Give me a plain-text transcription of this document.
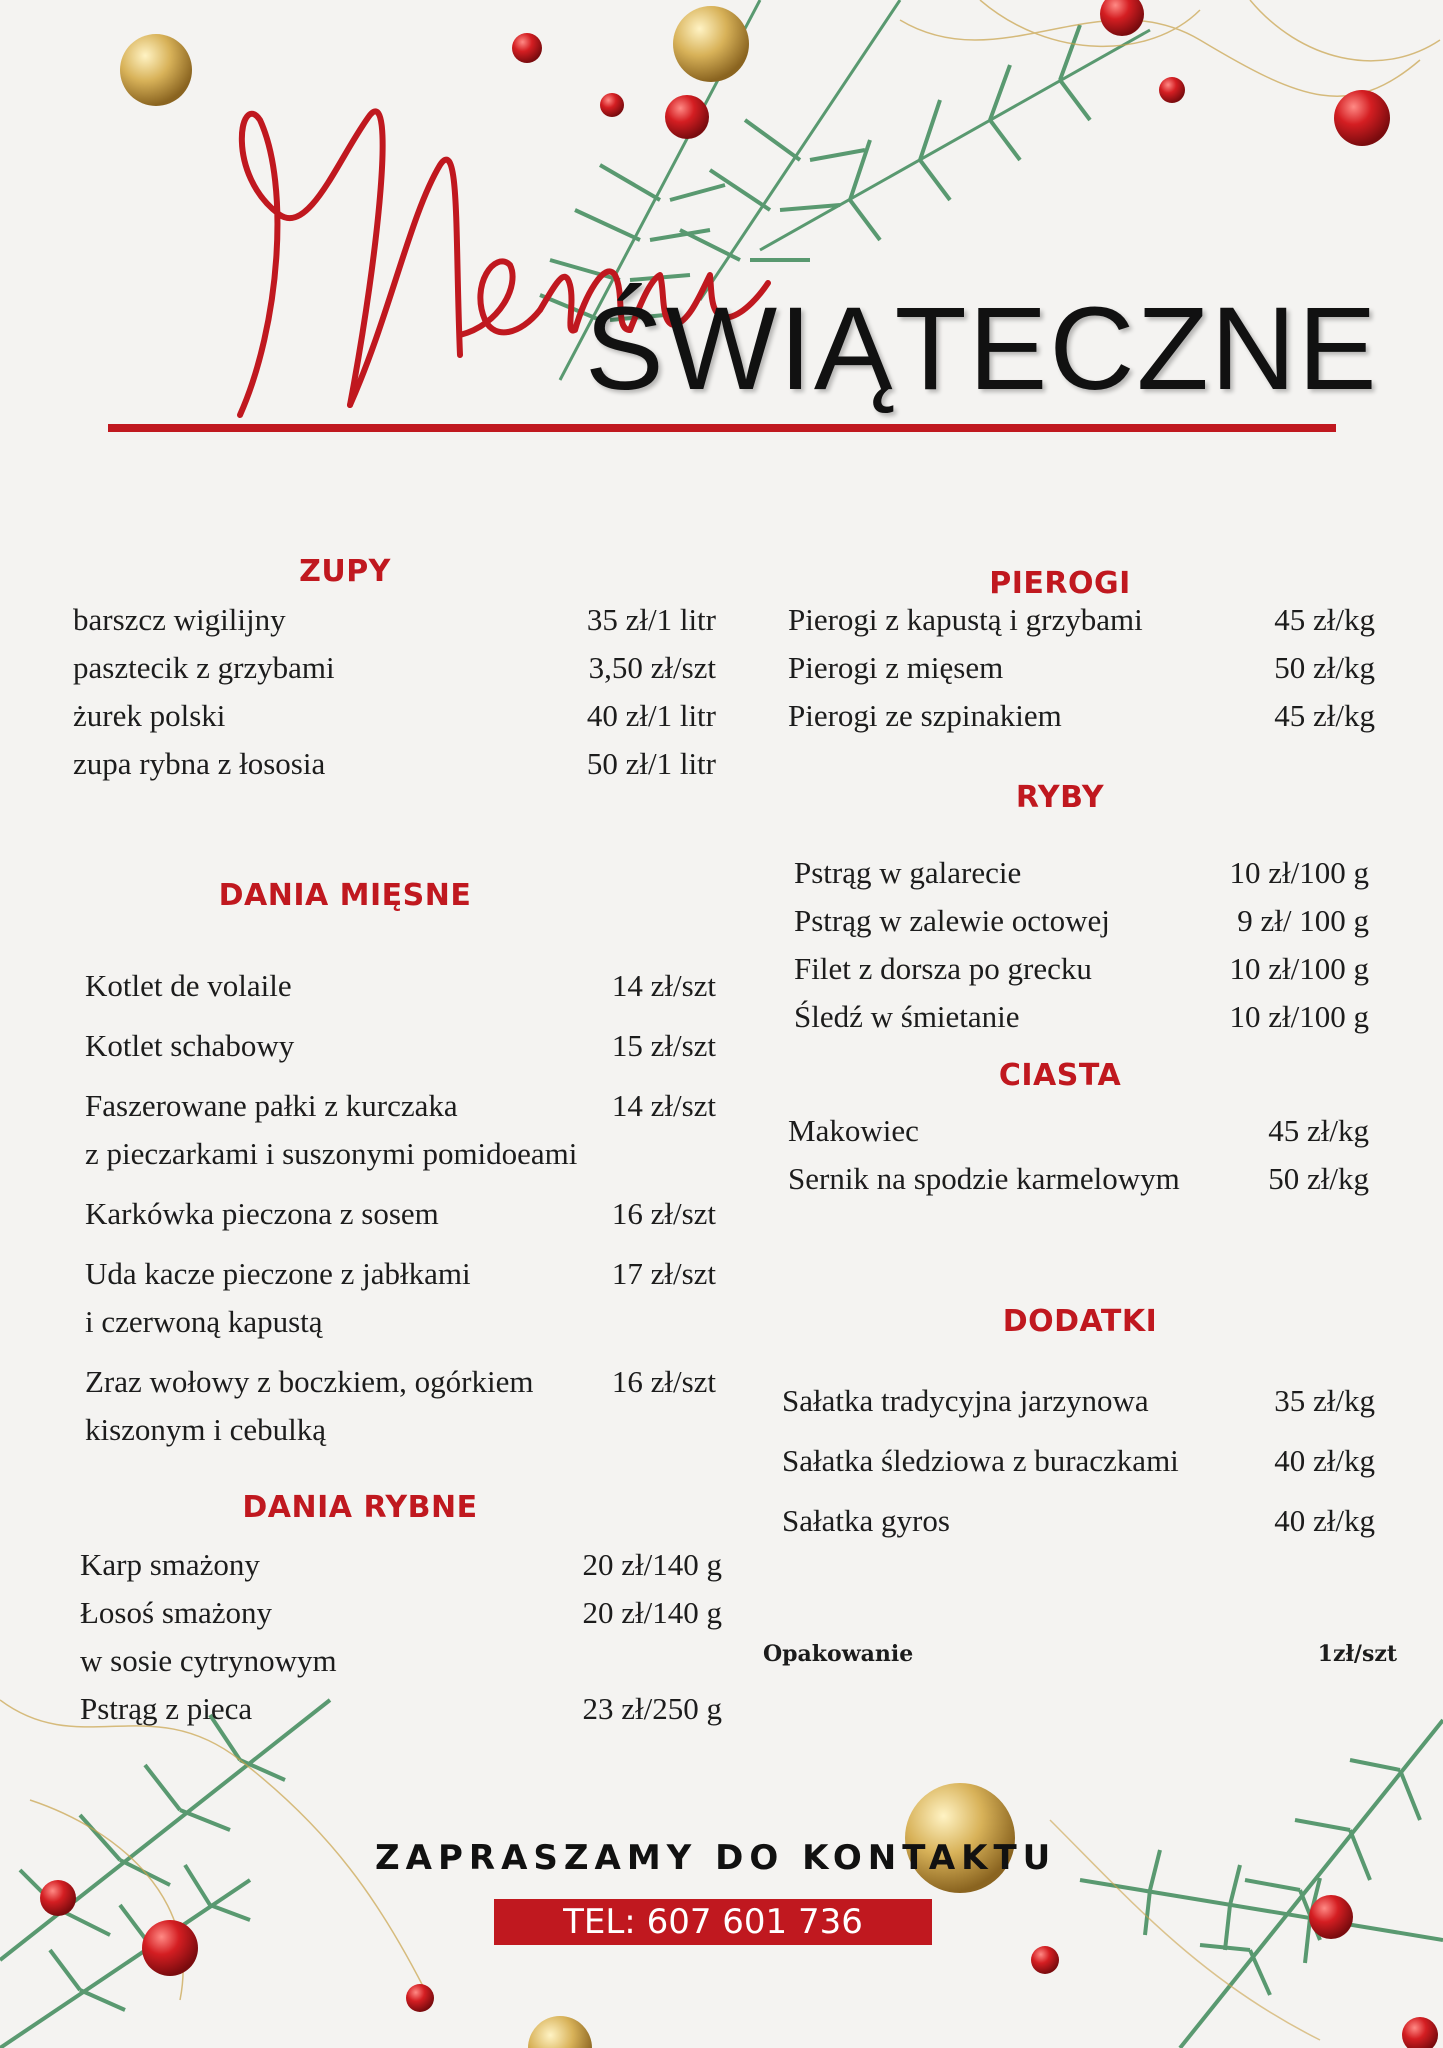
ŚWIĄTECZNE
ZUPY
barszcz wigilijny	35 zł/1 litr
pasztecik z grzybami	3,50 zł/szt
żurek polski	40 zł/1 litr
zupa rybna z łososia	50 zł/1 litr
DANIA MIĘSNE
Kotlet de volaile	14 zł/szt
Kotlet schabowy	15 zł/szt
Faszerowane pałki z kurczaka	14 zł/szt
z pieczarkami i suszonymi pomidoeami
Karkówka pieczona z sosem	16 zł/szt
Uda kacze pieczone z jabłkami	17 zł/szt
i czerwoną kapustą
Zraz wołowy z boczkiem, ogórkiem	16 zł/szt
kiszonym i cebulką
DANIA RYBNE
Karp smażony	20 zł/140 g
Łosoś smażony	20 zł/140 g
w sosie cytrynowym
Pstrąg z pieca	23 zł/250 g
PIEROGI
Pierogi z kapustą i grzybami	45 zł/kg
Pierogi z mięsem	50 zł/kg
Pierogi ze szpinakiem	45 zł/kg
RYBY
Pstrąg w galarecie	10 zł/100 g
Pstrąg w zalewie octowej	9 zł/ 100 g
Filet z dorsza po grecku	10 zł/100 g
Śledź w śmietanie	10 zł/100 g
CIASTA
Makowiec	45 zł/kg
Sernik na spodzie karmelowym	50 zł/kg
DODATKI
Sałatka tradycyjna jarzynowa	35 zł/kg
Sałatka śledziowa z buraczkami	40 zł/kg
Sałatka gyros	40 zł/kg
Opakowanie	1zł/szt
ZAPRASZAMY DO KONTAKTU
TEL: 607 601 736
